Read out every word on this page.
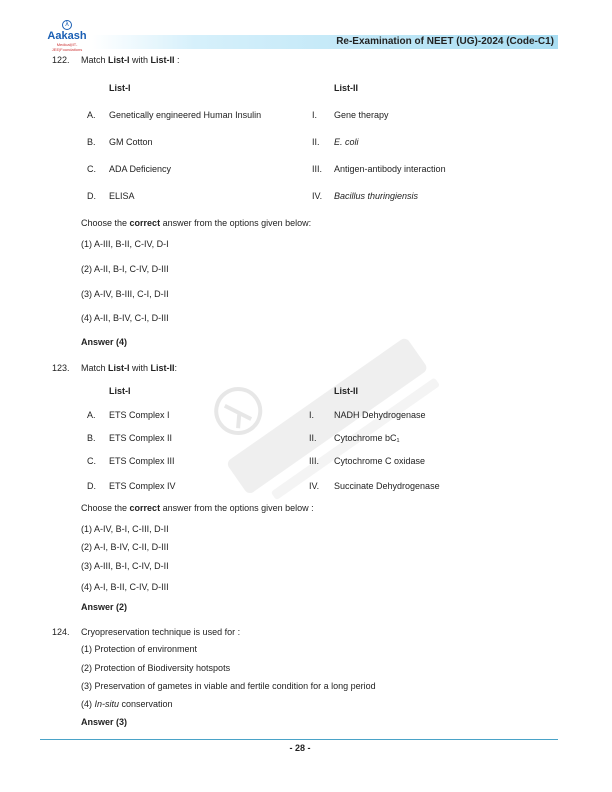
λ
Aakash
Medical|IIT-JEE|Foundations
Re-Examination of NEET (UG)-2024 (Code-C1)
122. Match List-I with List-II :
List-I	List-II
A. Genetically engineered Human Insulin	I. Gene therapy
B. GM Cotton	II. E. coli
C. ADA Deficiency	III. Antigen-antibody interaction
D. ELISA	IV. Bacillus thuringiensis
Choose the correct answer from the options given below:
(1) A-III, B-II, C-IV, D-I
(2) A-II, B-I, C-IV, D-III
(3) A-IV, B-III, C-I, D-II
(4) A-II, B-IV, C-I, D-III
Answer (4)
123. Match List-I with List-II:
List-I	List-II
A. ETS Complex I	I. NADH Dehydrogenase
B. ETS Complex II	II. Cytochrome bC₁
C. ETS Complex III	III. Cytochrome C oxidase
D. ETS Complex IV	IV. Succinate Dehydrogenase
Choose the correct answer from the options given below :
(1) A-IV, B-I, C-III, D-II
(2) A-I, B-IV, C-II, D-III
(3) A-III, B-I, C-IV, D-II
(4) A-I, B-II, C-IV, D-III
Answer (2)
124. Cryopreservation technique is used for :
(1) Protection of environment
(2) Protection of Biodiversity hotspots
(3) Preservation of gametes in viable and fertile condition for a long period
(4) In-situ conservation
Answer (3)
- 28 -
